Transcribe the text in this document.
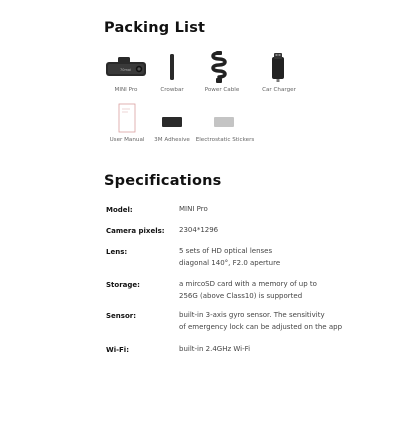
Packing List
70mai
MINI Pro	Crowbar	Power Cable	Car Charger
User Manual 3M Adhesive Electrostatic Stickers
Specifications
Model:	MINI Pro
Camera pixels: 2304*1296
Lens:	5 sets of HD optical lenses
diagonal 140°, F2.0 aperture
Storage:	a mircoSD card with a memory of up to
256G (above Class10) is supported
Sensor:	built-in 3-axis gyro sensor. The sensitivity
of emergency lock can be adjusted on the app
Wi-Fi:	built-in 2.4GHz Wi-Fi
